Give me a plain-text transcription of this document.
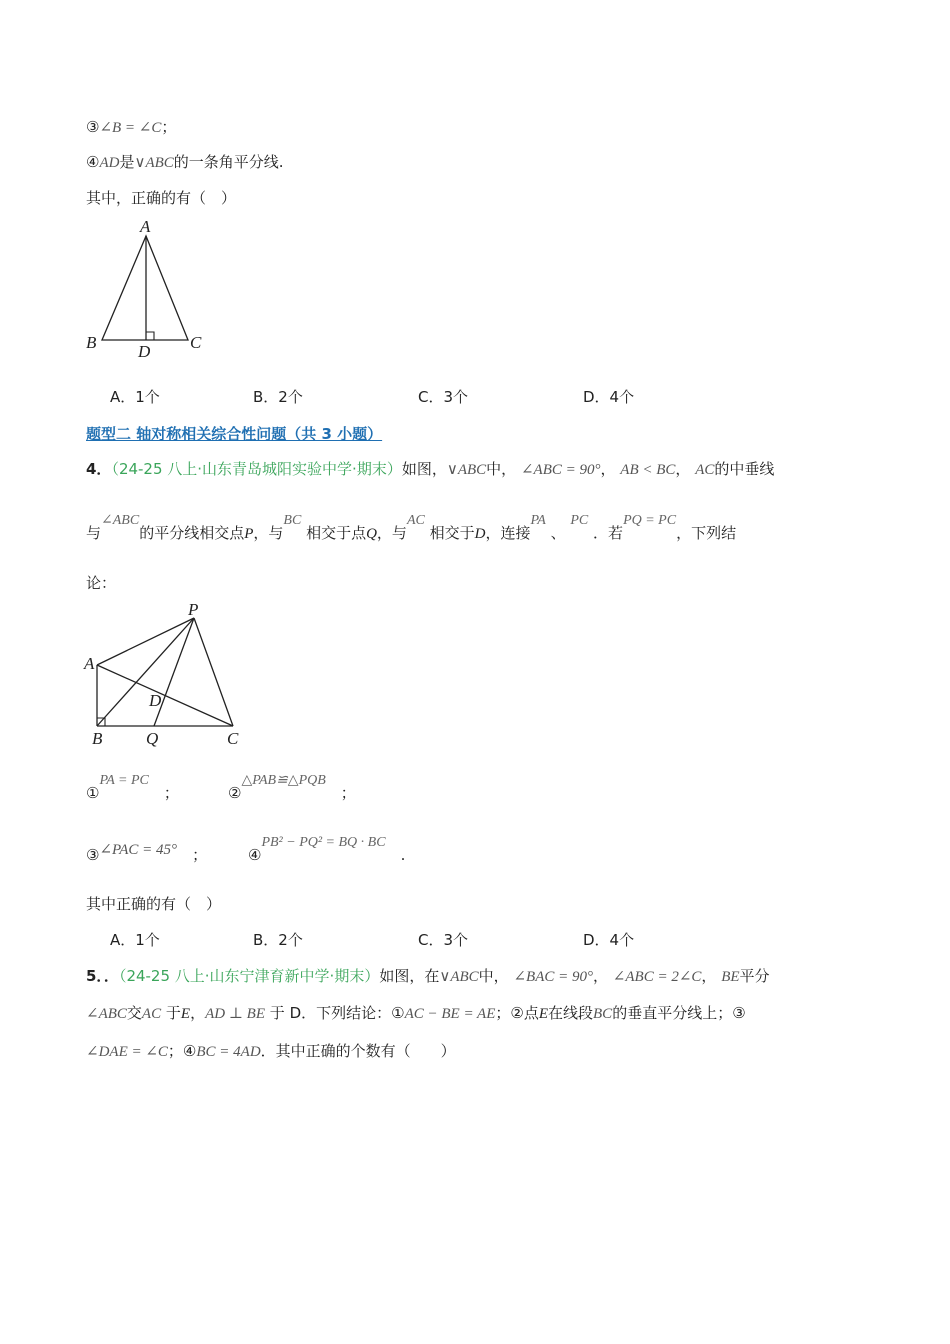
③∠B = ∠C；
④AD是∨ABC的一条角平分线.
其中，正确的有（　）
A
B	C
D
A．1个	B．2个	C．3个	D．4个
题型二 轴对称相关综合性问题（共 3 小题）
4．（24-25 八上·山东青岛城阳实验中学·期末）如图，∨ABC中， ∠ABC = 90°， AB < BC， AC的中垂线
与∠ABC的平分线相交点P，与BC 相交于点Q，与AC 相交于D，连接PA 、 PC ．若PQ = PC，下列结
论：
P
A
D
B	Q	C
①PA = PC　；	②△PAB≌△PQB　；
③∠PAC = 45°　 ；	④PB² − PQ² = BQ · BC　.
其中正确的有（　）
A．1个	B．2个	C．3个	D．4个
5．．（24-25 八上·山东宁津育新中学·期末）如图，在∨ABC中， ∠BAC = 90°， ∠ABC = 2∠C， BE平分
∠ABC交AC 于E，AD ⊥ BE 于 D．下列结论：①AC − BE = AE；②点E在线段BC的垂直平分线上；③
∠DAE = ∠C；④BC = 4AD．其中正确的个数有（　　）
